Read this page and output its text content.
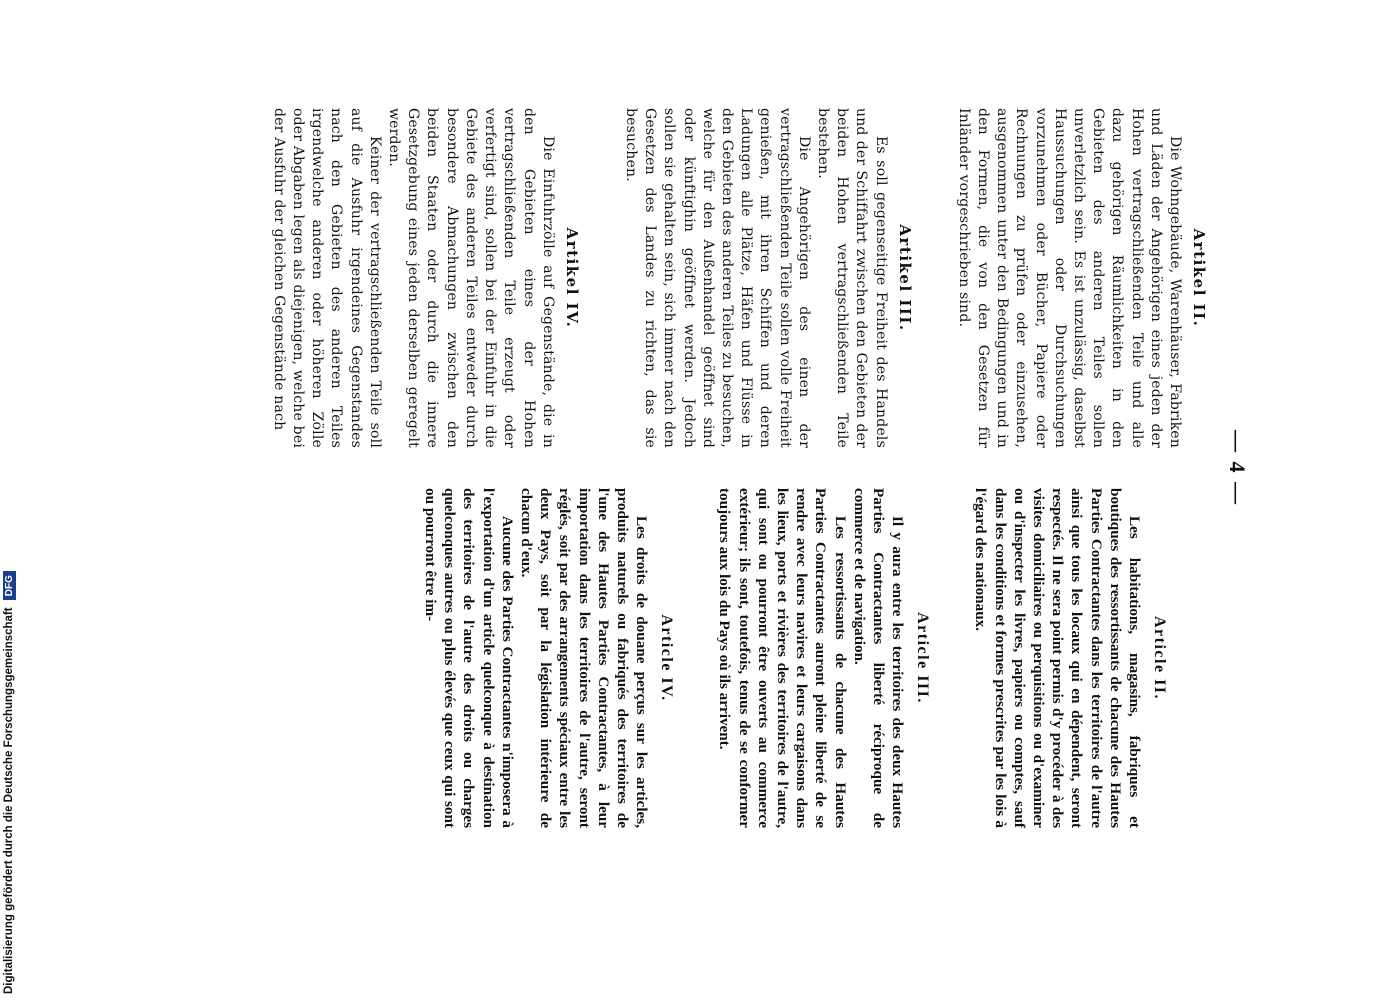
— 4 —
Artikel II.

Die Wohngebäude, Warenhäuser, Fabriken und Läden der Angehörigen eines jeden der Hohen vertragschließenden Teile und alle dazu gehörigen Räumlichkeiten in den Gebieten des anderen Teiles sollen unverletzlich sein. Es ist unzulässig, daselbst Haussuchungen oder Durchsuchungen vorzunehmen oder Bücher, Papiere oder Rechnungen zu prüfen oder einzusehen, ausgenommen unter den Bedingungen und in den Formen, die von den Gesetzen für Inländer vorgeschrieben sind.

Artikel III.

Es soll gegenseitige Freiheit des Handels und der Schiffahrt zwischen den Gebieten der beiden Hohen vertragschließenden Teile bestehen.

Die Angehörigen des einen der vertragschließenden Teile sollen volle Freiheit genießen, mit ihren Schiffen und deren Ladungen alle Plätze, Häfen und Flüsse in den Gebieten des anderen Teiles zu besuchen, welche für den Außenhandel geöffnet sind oder künftighin geöffnet werden. Jedoch sollen sie gehalten sein, sich immer nach den Gesetzen des Landes zu richten, das sie besuchen.

Artikel IV.

Die Einfuhrzölle auf Gegenstände, die in den Gebieten eines der Hohen vertragschließenden Teile erzeugt oder verfertigt sind, sollen bei der Einfuhr in die Gebiete des anderen Teiles entweder durch besondere Abmachungen zwischen den beiden Staaten oder durch die innere Gesetzgebung eines jeden derselben geregelt werden.

Keiner der vertragschließenden Teile soll auf die Ausfuhr irgendeines Gegenstandes nach den Gebieten des anderen Teiles irgendwelche anderen oder höheren Zölle oder Abgaben legen als diejenigen, welche bei der Ausfuhr der gleichen Gegenstände nach

Article II.

Les habitations, magasins, fabriques et boutiques des ressortissants de chacune des Hautes Parties Contractantes dans les territoires de l'autre ainsi que tous les locaux qui en dépendent, seront respectés. Il ne sera point permis d'y procéder à des visites domiciliaires ou perquisitions ou d'examiner ou d'inspecter les livres, papiers ou comptes, sauf dans les conditions et formes prescrites par les lois à l'égard des nationaux.

Article III.

Il y aura entre les territoires des deux Hautes Parties Contractantes liberté réciproque de commerce et de navigation.

Les ressortissants de chacune des Hautes Parties Contractantes auront pleine liberté de se rendre avec leurs navires et leurs cargaisons dans les lieux, ports et rivières des territoires de l'autre, qui sont ou pourront être ouverts au commerce extérieur; ils sont, toutefois, tenus de se conformer toujours aux lois du Pays où ils arrivent.

Article IV.

Les droits de douane perçus sur les articles, produits naturels ou fabriqués des territoires de l'une des Hautes Parties Contractantes, à leur importation dans les territoires de l'autre, seront réglés, soit par des arrangements spéciaux entre les deux Pays, soit par la législation intérieure de chacun d'eux.

Aucune des Parties Contractantes n'imposera à l'exportation d'un article quelconque à destination des territoires de l'autre des droits ou charges quelconques autres ou plus élevés que ceux qui sont ou pourront être im-

Digitalisierung gefördert durch die Deutsche Forschungsgemeinschaft DFG
